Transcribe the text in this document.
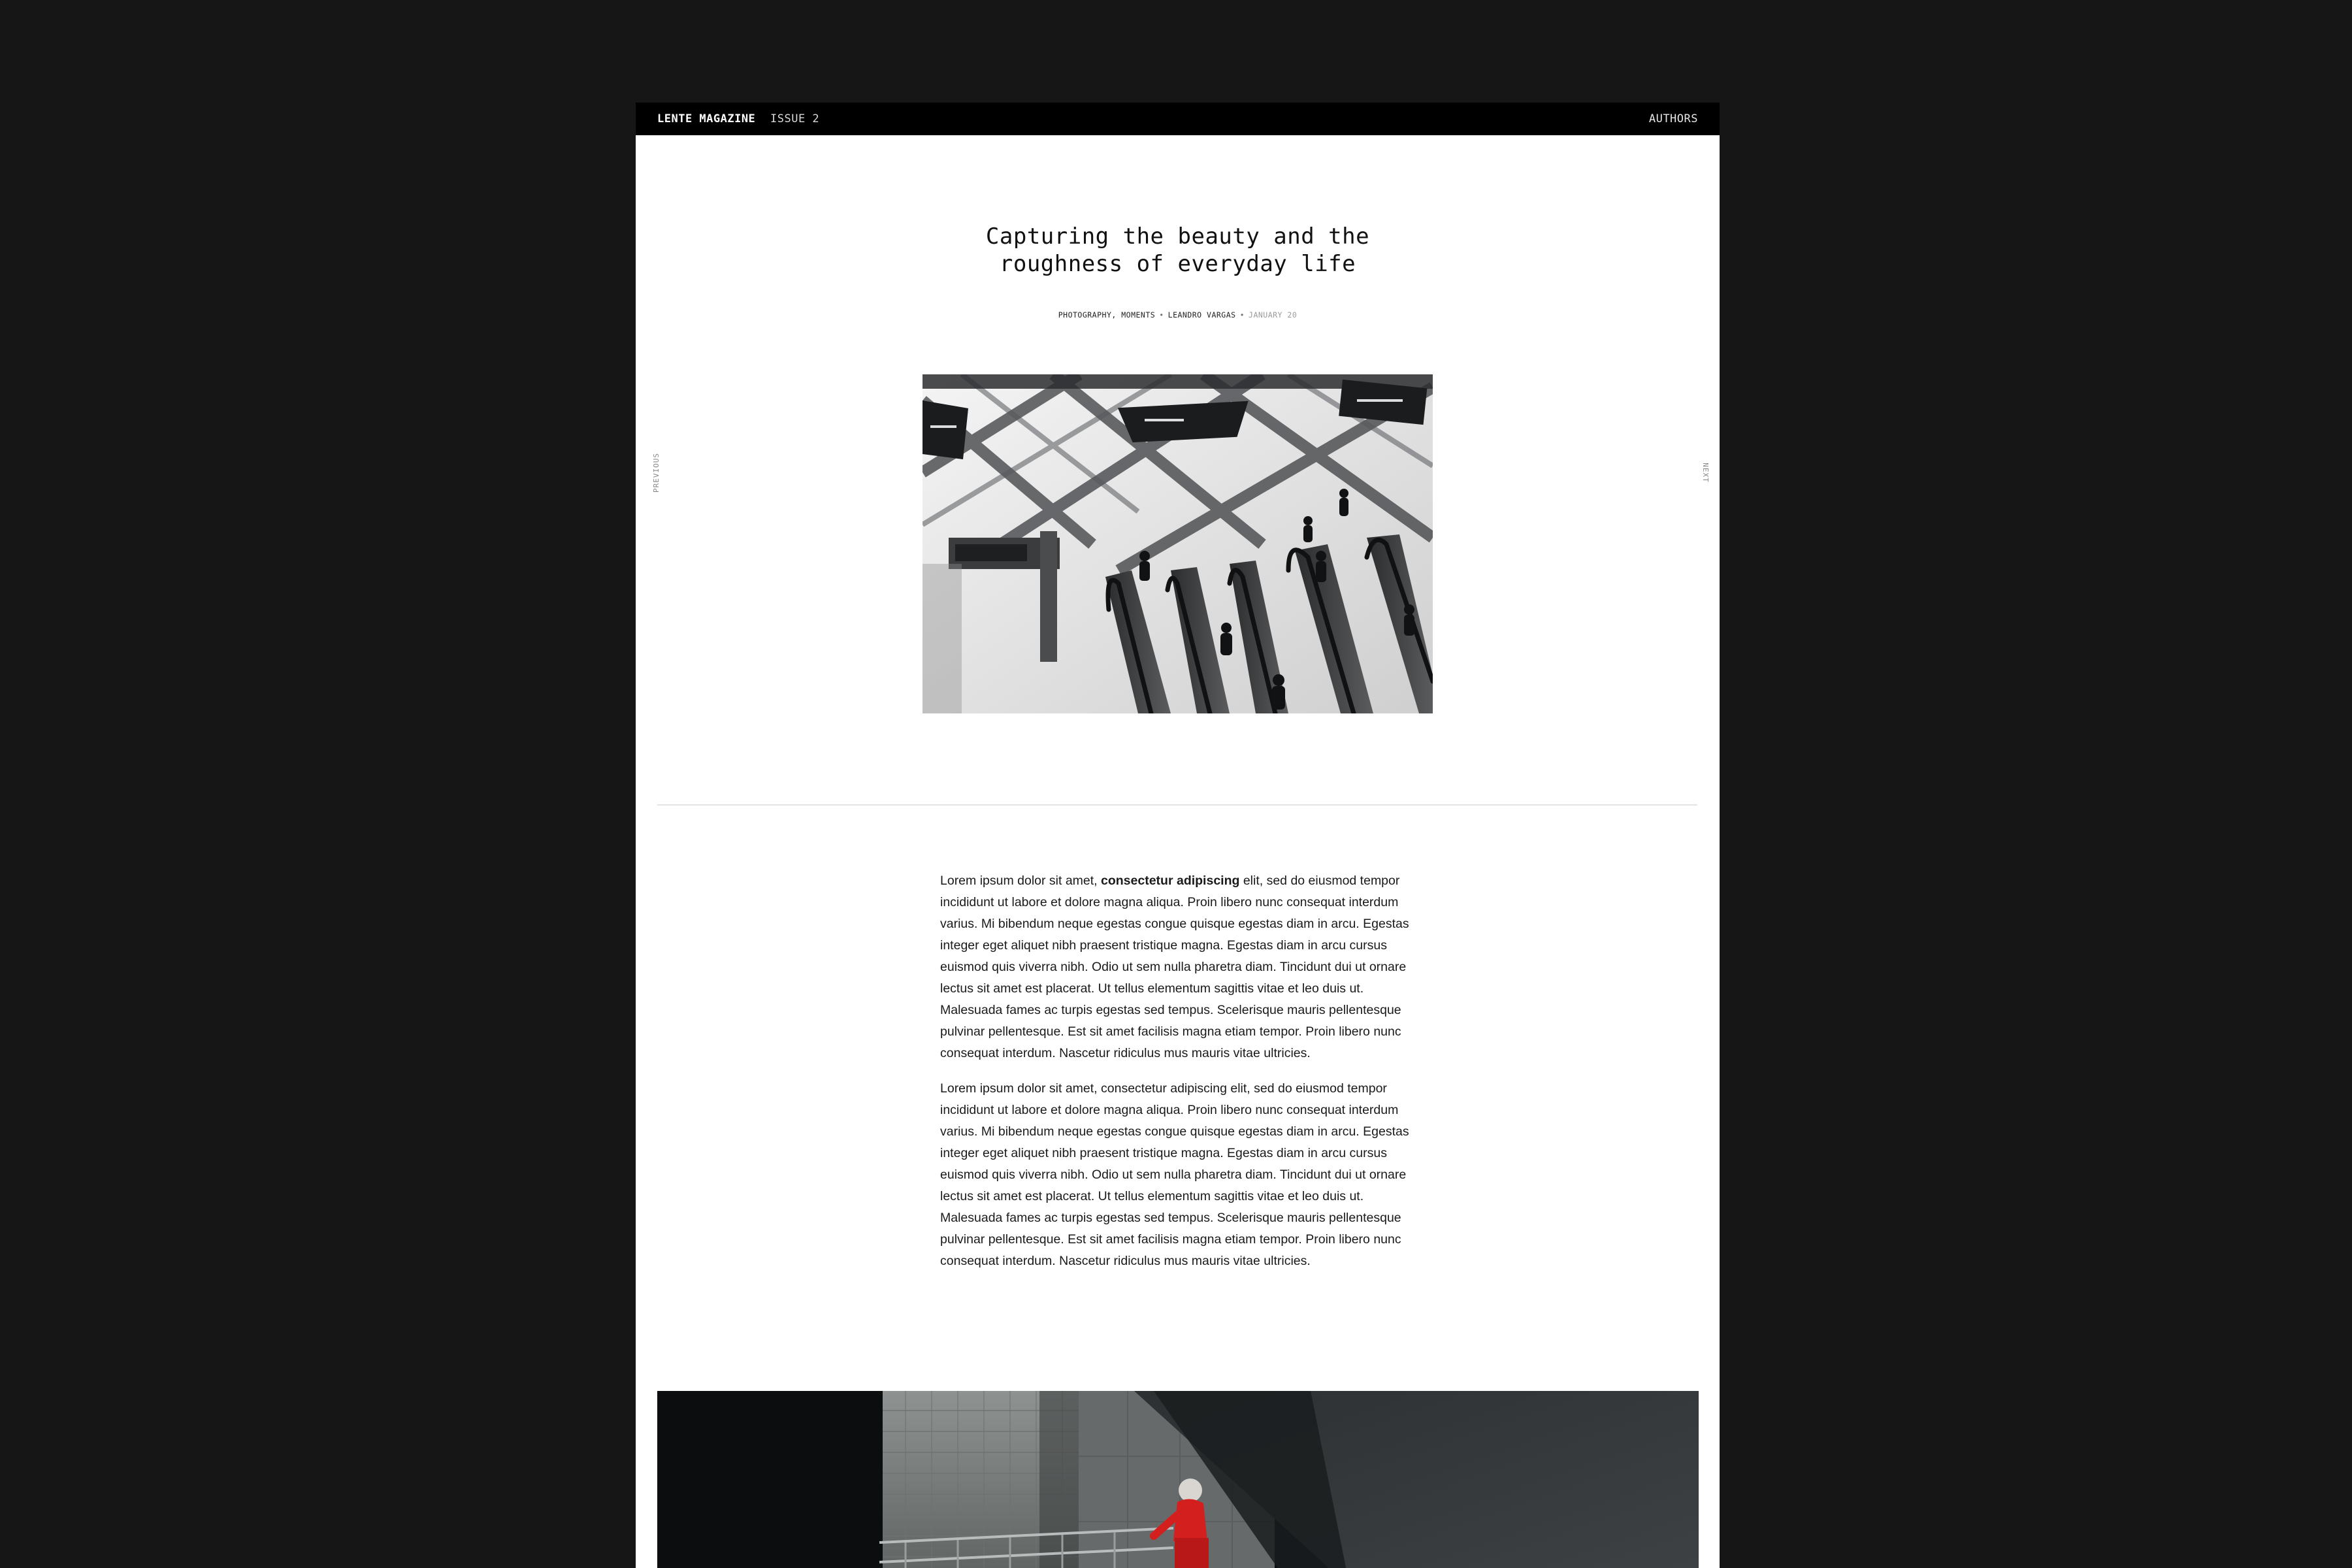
LENTE MAGAZINE ISSUE 2	AUTHORS
Capturing the beauty and the
roughness of everyday life
PHOTOGRAPHY, MOMENTS • LEANDRO VARGAS • JANUARY 20
PREVIOUS	NEXT

Lorem ipsum dolor sit amet, consectetur adipiscing elit, sed do eiusmod tempor incididunt ut labore et dolore magna aliqua. Proin libero nunc consequat interdum varius. Mi bibendum neque egestas congue quisque egestas diam in arcu. Egestas integer eget aliquet nibh praesent tristique magna. Egestas diam in arcu cursus euismod quis viverra nibh. Odio ut sem nulla pharetra diam. Tincidunt dui ut ornare lectus sit amet est placerat. Ut tellus elementum sagittis vitae et leo duis ut. Malesuada fames ac turpis egestas sed tempus. Scelerisque mauris pellentesque pulvinar pellentesque. Est sit amet facilisis magna etiam tempor. Proin libero nunc consequat interdum. Nascetur ridiculus mus mauris vitae ultricies.

Lorem ipsum dolor sit amet, consectetur adipiscing elit, sed do eiusmod tempor incididunt ut labore et dolore magna aliqua. Proin libero nunc consequat interdum varius. Mi bibendum neque egestas congue quisque egestas diam in arcu. Egestas integer eget aliquet nibh praesent tristique magna. Egestas diam in arcu cursus euismod quis viverra nibh. Odio ut sem nulla pharetra diam. Tincidunt dui ut ornare lectus sit amet est placerat. Ut tellus elementum sagittis vitae et leo duis ut. Malesuada fames ac turpis egestas sed tempus. Scelerisque mauris pellentesque pulvinar pellentesque. Est sit amet facilisis magna etiam tempor. Proin libero nunc consequat interdum. Nascetur ridiculus mus mauris vitae ultricies.
